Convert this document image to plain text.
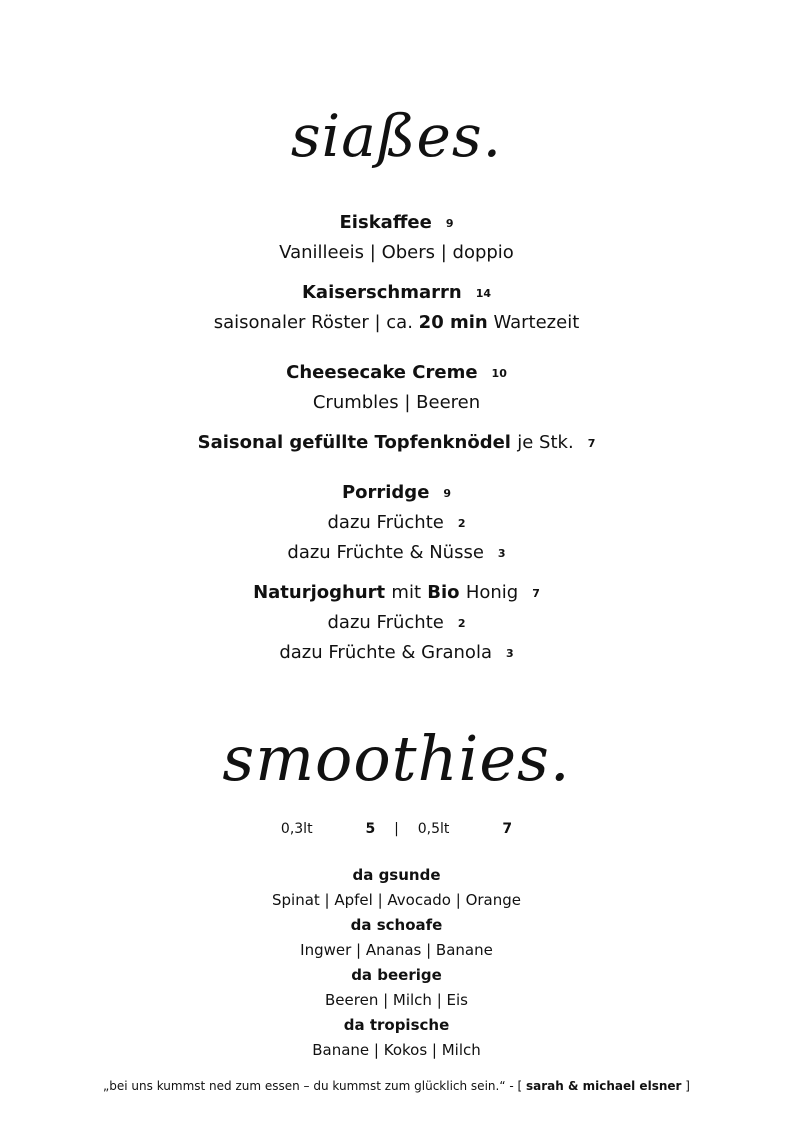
siaßes.
Eiskaffee 9
Vanilleeis | Obers | doppio
Kaiserschmarrn 14
saisonaler Röster | ca. 20 min Wartezeit
Cheesecake Creme 10
Crumbles | Beeren
Saisonal gefüllte Topfenknödel je Stk. 7
Porridge 9
dazu Früchte 2
dazu Früchte & Nüsse 3
Naturjoghurt mit Bio Honig 7
dazu Früchte 2
dazu Früchte & Granola 3
smoothies.
0,3lt	5 | 0,5lt	7
da gsunde
Spinat | Apfel | Avocado | Orange
da schoafe
Ingwer | Ananas | Banane
da beerige
Beeren | Milch | Eis
da tropische
Banane | Kokos | Milch
„bei uns kummst ned zum essen – du kummst zum glücklich sein.“ - [ sarah & michael elsner ]
